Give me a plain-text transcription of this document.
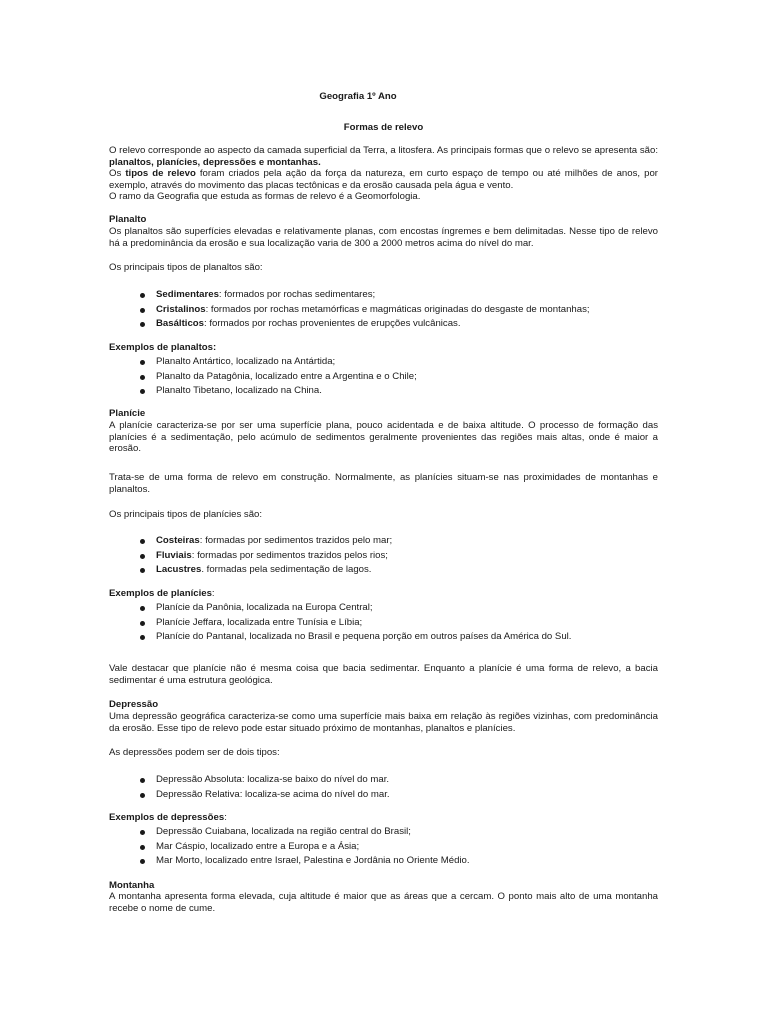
Geografia 1º Ano
Formas de relevo

O relevo corresponde ao aspecto da camada superficial da Terra, a litosfera. As principais formas que o relevo se apresenta são: planaltos, planícies, depressões e montanhas.
Os tipos de relevo foram criados pela ação da força da natureza, em curto espaço de tempo ou até milhões de anos, por exemplo, através do movimento das placas tectônicas e da erosão causada pela água e vento.
O ramo da Geografia que estuda as formas de relevo é a Geomorfologia.

Planalto

Os planaltos são superfícies elevadas e relativamente planas, com encostas íngremes e bem delimitadas. Nesse tipo de relevo há a predominância da erosão e sua localização varia de 300 a 2000 metros acima do nível do mar.

Os principais tipos de planaltos são:
Sedimentares: formados por rochas sedimentares;
Cristalinos: formados por rochas metamórficas e magmáticas originadas do desgaste de montanhas;
Basálticos: formados por rochas provenientes de erupções vulcânicas.
Exemplos de planaltos:
Planalto Antártico, localizado na Antártida;
Planalto da Patagônia, localizado entre a Argentina e o Chile;
Planalto Tibetano, localizado na China.
Planície

A planície caracteriza-se por ser uma superfície plana, pouco acidentada e de baixa altitude. O processo de formação das planícies é a sedimentação, pelo acúmulo de sedimentos geralmente provenientes das regiões mais altas, onde é maior a erosão.

Trata-se de uma forma de relevo em construção. Normalmente, as planícies situam-se nas proximidades de montanhas e planaltos.

Os principais tipos de planícies são:
Costeiras: formadas por sedimentos trazidos pelo mar;
Fluviais: formadas por sedimentos trazidos pelos rios;
Lacustres. formadas pela sedimentação de lagos.
Exemplos de planícies:
Planície da Panônia, localizada na Europa Central;
Planície Jeffara, localizada entre Tunísia e Líbia;
Planície do Pantanal, localizada no Brasil e pequena porção em outros países da América do Sul.

Vale destacar que planície não é mesma coisa que bacia sedimentar. Enquanto a planície é uma forma de relevo, a bacia sedimentar é uma estrutura geológica.

Depressão

Uma depressão geográfica caracteriza-se como uma superfície mais baixa em relação às regiões vizinhas, com predominância da erosão. Esse tipo de relevo pode estar situado próximo de montanhas, planaltos e planícies.

As depressões podem ser de dois tipos:
Depressão Absoluta: localiza-se baixo do nível do mar.
Depressão Relativa: localiza-se acima do nível do mar.
Exemplos de depressões:
Depressão Cuiabana, localizada na região central do Brasil;
Mar Cáspio, localizado entre a Europa e a Ásia;
Mar Morto, localizado entre Israel, Palestina e Jordânia no Oriente Médio.
Montanha

A montanha apresenta forma elevada, cuja altitude é maior que as áreas que a cercam. O ponto mais alto de uma montanha recebe o nome de cume.
